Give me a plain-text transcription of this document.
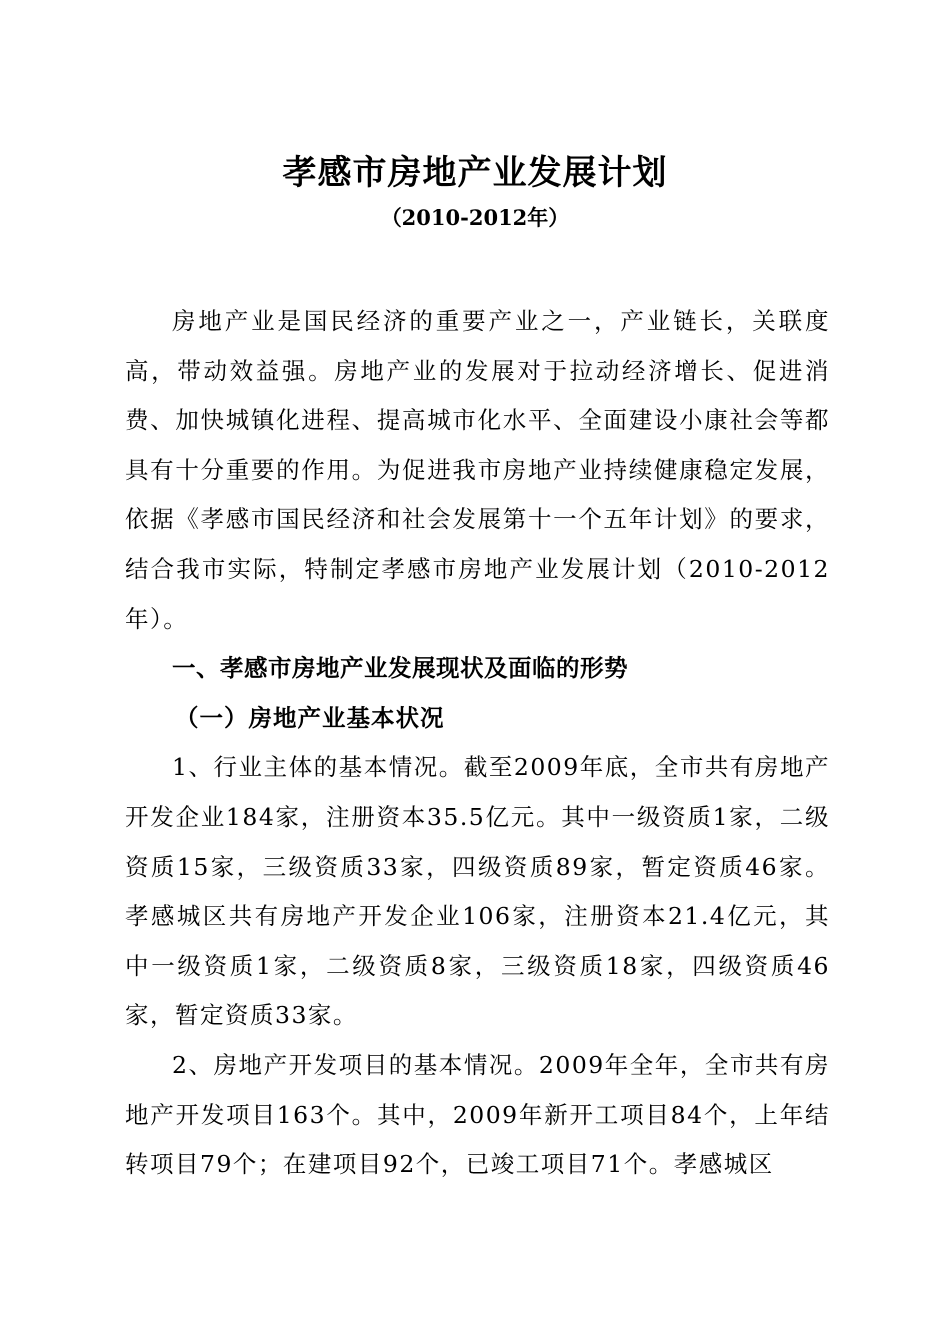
孝感市房地产业发展计划
（2010-2012年）

房地产业是国民经济的重要产业之一，产业链长，关联度高，带动效益强。房地产业的发展对于拉动经济增长、促进消费、加快城镇化进程、提高城市化水平、全面建设小康社会等都具有十分重要的作用。为促进我市房地产业持续健康稳定发展，依据《孝感市国民经济和社会发展第十一个五年计划》的要求，结合我市实际，特制定孝感市房地产业发展计划（2010-2012年）。

一、孝感市房地产业发展现状及面临的形势

（一）房地产业基本状况

1、行业主体的基本情况。截至2009年底，全市共有房地产开发企业184家，注册资本35.5亿元。其中一级资质1家，二级资质15家，三级资质33家，四级资质89家，暂定资质46家。孝感城区共有房地产开发企业106家，注册资本21.4亿元，其中一级资质1家，二级资质8家，三级资质18家，四级资质46家，暂定资质33家。

2、房地产开发项目的基本情况。2009年全年，全市共有房地产开发项目163个。其中，2009年新开工项目84个，上年结转项目79个；在建项目92个，已竣工项目71个。孝感城区
